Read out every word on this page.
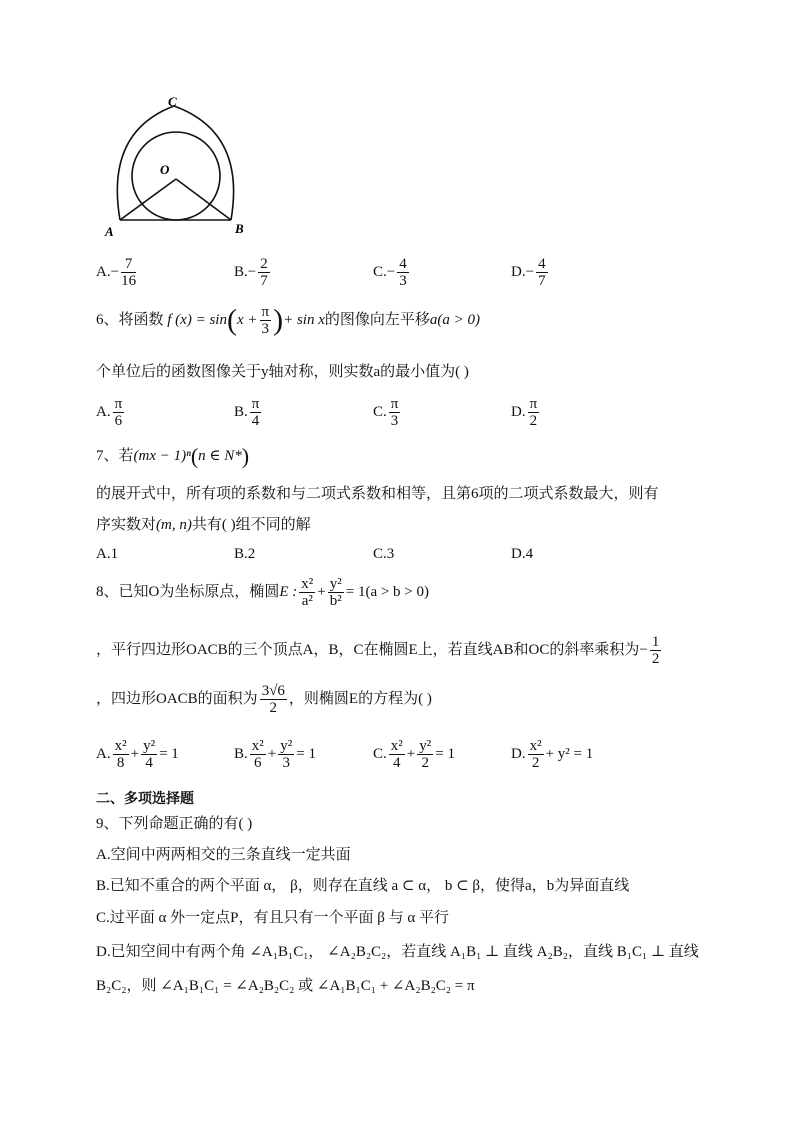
C
O
A	B
$A.- \frac{7}{16}$	$B.- \frac{2}{7}$	$C.- \frac{4}{3}$	$D.- \frac{4}{7}$
6、将函数 f $(x) = \sin(x + \frac{\pi}{3}$ )+ sin x的图像向左平移a(a > 0)
个单位后的函数图像关于y轴对称，则实数a的最小值为( )
A. $\frac{\pi}{6}$	B. $\frac{\pi}{4}$	C. $\frac{\pi}{3}$	D. $\frac{\pi}{2}$
7、若(mx − 1)ⁿ(n ∈ N*)
的展开式中，所有项的系数和与二项式系数和相等，且第6项的二项式系数最大，则有
序实数对(m, n)共有( )组不同的解
A.1	B.2	C.3	D.4
8、已知O为坐标原点，椭圆E : $\frac{\text{x²}}{\text{a²}} + \frac{\text{y²}}{\text{b²}} = 1(a > b > 0)$
，平行四边形OACB的三个顶点A，B，C在椭圆E上，若直线AB和OC的斜率乘积为− $\frac{1}{2}$
，四边形OACB的面积为 $\frac{3√6}{2}$ ，则椭圆E的方程为( )
A. $\frac{\text{x²}}{8} + \frac{\text{y²}}{4} = 1$	B. $\frac{\text{x²}}{6} + \frac{\text{y²}}{3} = 1$	C. $\frac{\text{x²}}{4} + \frac{\text{y²}}{2} = 1$	D. $\frac{\text{x²}}{2} + y^2 = 1$
二、多项选择题
9、下列命题正确的有( )
A.空间中两两相交的三条直线一定共面
B.已知不重合的两个平面 α， β，则存在直线 a ⊂ α， b ⊂ β，使得a，b为异面直线
C.过平面 α 外一定点P，有且只有一个平面 β 与 α 平行
D.已知空间中有两个角 ∠A₁B₁C₁， ∠A₂B₂C₂，若直线 A₁B₁ ⊥ 直线 A₂B₂，直线 B₁C₁ ⊥ 直线
B₂C₂，则 ∠A₁B₁C₁ = ∠A₂B₂C₂ 或 ∠A₁B₁C₁ + ∠A₂B₂C₂ = π
